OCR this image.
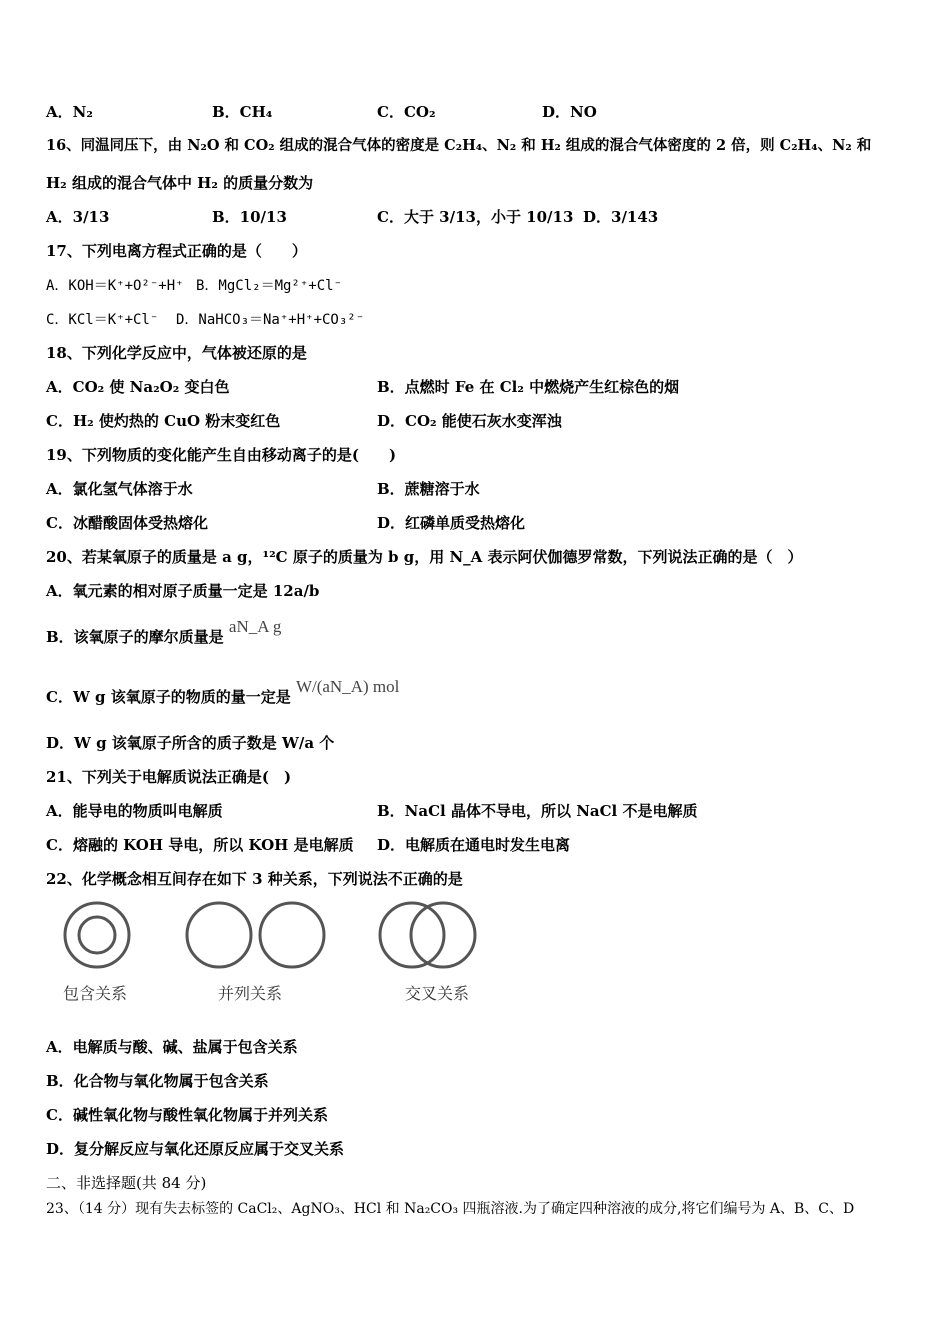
A．N₂	B．CH₄	C．CO₂	D．NO
16、同温同压下，由 N₂O 和 CO₂ 组成的混合气体的密度是 C₂H₄、N₂ 和 H₂ 组成的混合气体密度的 2 倍，则 C₂H₄、N₂ 和
H₂ 组成的混合气体中 H₂ 的质量分数为
A．3/13	B．10/13	C．大于 3/13，小于 10/13 D．3/143
17、下列电离方程式正确的是（　　）
A．KOH＝K⁺+O²⁻+H⁺ B．MgCl₂＝Mg²⁺+Cl⁻
C．KCl＝K⁺+Cl⁻ D．NaHCO₃＝Na⁺+H⁺+CO₃²⁻
18、下列化学反应中，气体被还原的是
A．CO₂ 使 Na₂O₂ 变白色	B．点燃时 Fe 在 Cl₂ 中燃烧产生红棕色的烟
C．H₂ 使灼热的 CuO 粉末变红色	D．CO₂ 能使石灰水变浑浊
19、下列物质的变化能产生自由移动离子的是(　　)
A．氯化氢气体溶于水	B．蔗糖溶于水
C．冰醋酸固体受热熔化	D．红磷单质受热熔化
20、若某氧原子的质量是 a g，¹²C 原子的质量为 b g，用 N_A 表示阿伏伽德罗常数，下列说法正确的是（　）
A．氧元素的相对原子质量一定是 12a/b
B．该氧原子的摩尔质量是 aN_A g
C．W g 该氧原子的物质的量一定是 W/(aN_A) mol
D．W g 该氧原子所含的质子数是 W/a 个
21、下列关于电解质说法正确是(　)
A．能导电的物质叫电解质	B．NaCl 晶体不导电，所以 NaCl 不是电解质
C．熔融的 KOH 导电，所以 KOH 是电解质 D．电解质在通电时发生电离
22、化学概念相互间存在如下 3 种关系，下列说法不正确的是
包含关系	并列关系	交叉关系
A．电解质与酸、碱、盐属于包含关系
B．化合物与氧化物属于包含关系
C．碱性氧化物与酸性氧化物属于并列关系
D．复分解反应与氧化还原反应属于交叉关系
二、非选择题(共 84 分)
23、（14 分）现有失去标签的 CaCl₂、AgNO₃、HCl 和 Na₂CO₃ 四瓶溶液.为了确定四种溶液的成分,将它们编号为 A、B、C、D
